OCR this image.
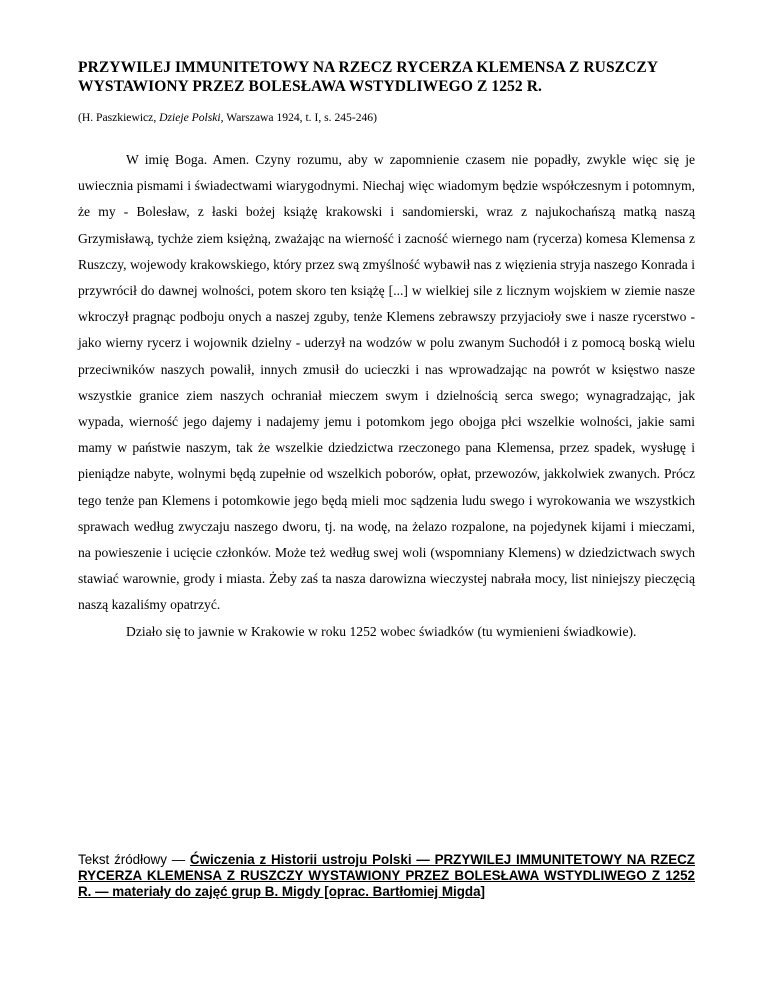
PRZYWILEJ IMMUNITETOWY NA RZECZ RYCERZA KLEMENSA Z RUSZCZY WYSTAWIONY PRZEZ BOLESŁAWA WSTYDLIWEGO Z 1252 R.
(H. Paszkiewicz, Dzieje Polski, Warszawa 1924, t. I, s. 245-246)

W imię Boga. Amen. Czyny rozumu, aby w zapomnienie czasem nie popadły, zwykle więc się je uwiecznia pismami i świadectwami wiarygodnymi. Niechaj więc wiadomym będzie współczesnym i potomnym, że my - Bolesław, z łaski bożej książę krakowski i sandomierski, wraz z najukochańszą matką naszą Grzymisławą, tychże ziem księżną, zważając na wierność i zacność wiernego nam (rycerza) komesa Klemensa z Ruszczy, wojewody krakowskiego, który przez swą zmyślność wybawił nas z więzienia stryja naszego Konrada i przywrócił do dawnej wolności, potem skoro ten książę [...] w wielkiej sile z licznym wojskiem w ziemie nasze wkroczył pragnąc podboju onych a naszej zguby, tenże Klemens zebrawszy przyjacioły swe i nasze rycerstwo - jako wierny rycerz i wojownik dzielny - uderzył na wodzów w polu zwanym Suchodół i z pomocą boską wielu przeciwników naszych powalił, innych zmusił do ucieczki i nas wprowadzając na powrót w księstwo nasze wszystkie granice ziem naszych ochraniał mieczem swym i dzielnością serca swego; wynagradzając, jak wypada, wierność jego dajemy i nadajemy jemu i potomkom jego obojga płci wszelkie wolności, jakie sami mamy w państwie naszym, tak że wszelkie dziedzictwa rzeczonego pana Klemensa, przez spadek, wysługę i pieniądze nabyte, wolnymi będą zupełnie od wszelkich poborów, opłat, przewozów, jakkolwiek zwanych. Prócz tego tenże pan Klemens i potomkowie jego będą mieli moc sądzenia ludu swego i wyrokowania we wszystkich sprawach według zwyczaju naszego dworu, tj. na wodę, na żelazo rozpalone, na pojedynek kijami i mieczami, na powieszenie i ucięcie członków. Może też według swej woli (wspomniany Klemens) w dziedzictwach swych stawiać warownie, grody i miasta. Żeby zaś ta nasza darowizna wieczystej nabrała mocy, list niniejszy pieczęcią naszą kazaliśmy opatrzyć.

Działo się to jawnie w Krakowie w roku 1252 wobec świadków (tu wymienieni świadkowie).

Tekst źródłowy — Ćwiczenia z Historii ustroju Polski — PRZYWILEJ IMMUNITETOWY NA RZECZ RYCERZA KLEMENSA Z RUSZCZY WYSTAWIONY PRZEZ BOLESŁAWA WSTYDLIWEGO Z 1252 R. — materiały do zajęć grup B. Migdy [oprac. Bartłomiej Migda]
